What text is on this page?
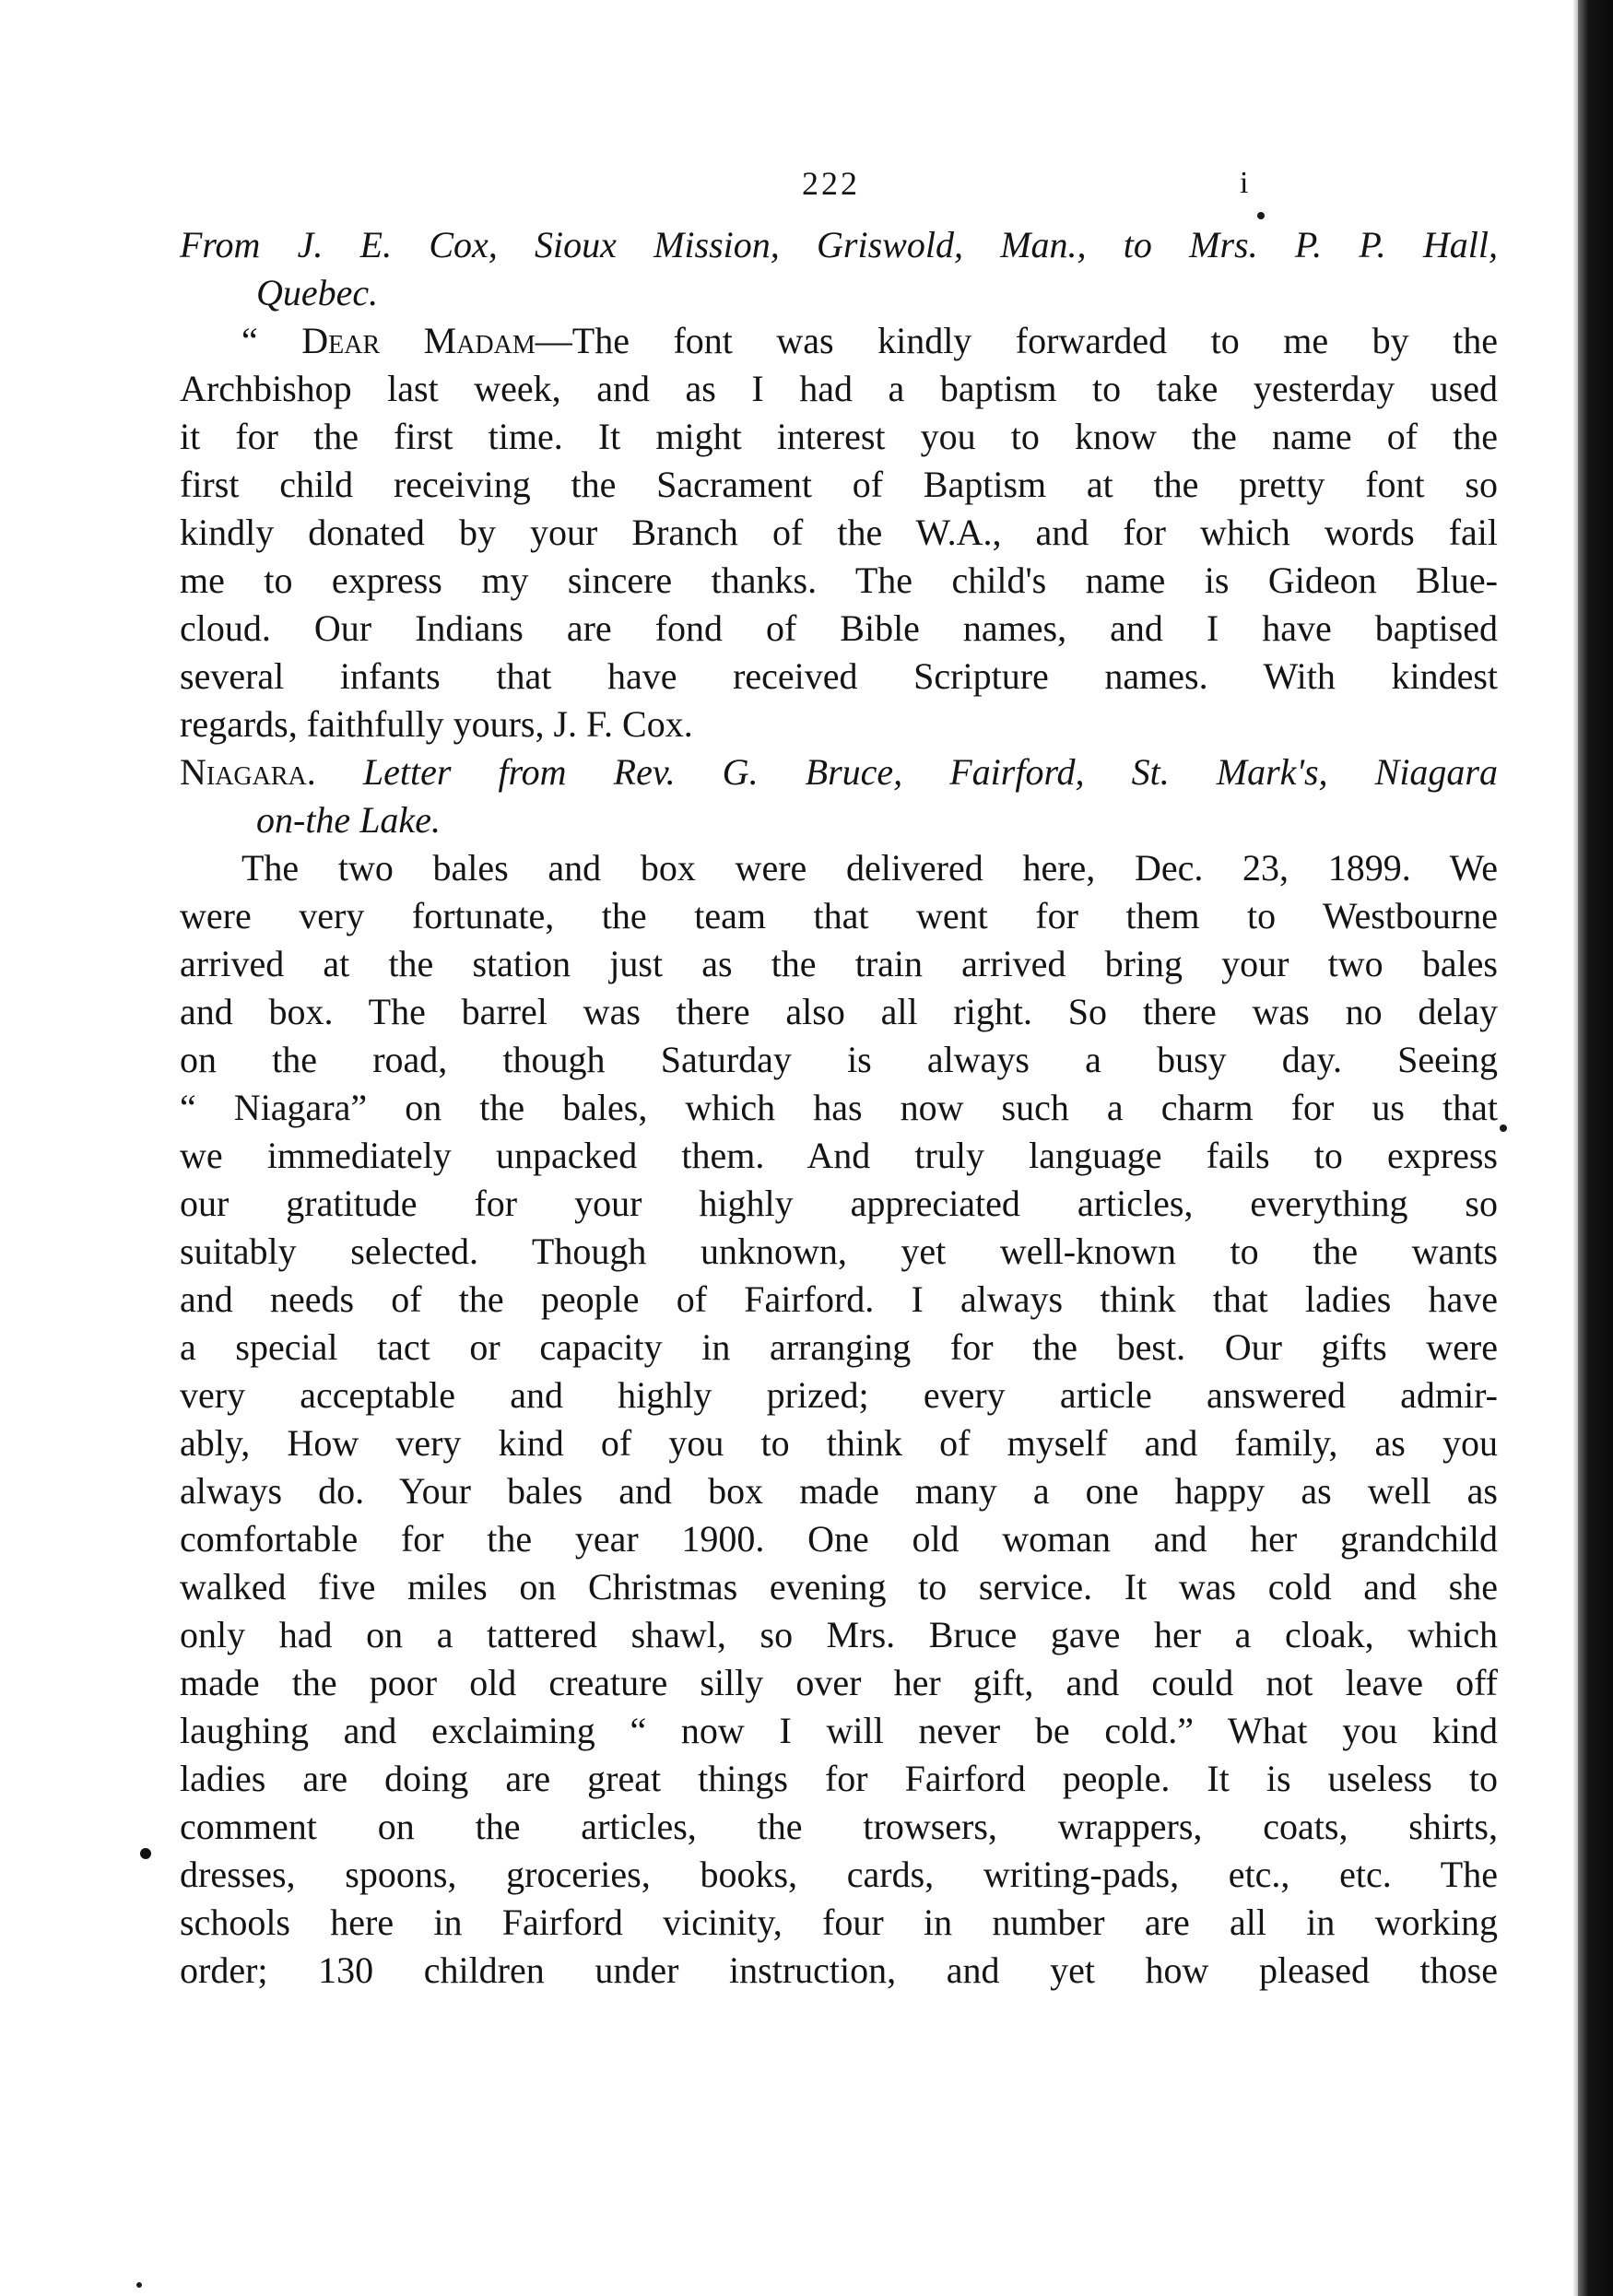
222	i
From J. E. Cox, Sioux Mission, Griswold, Man., to Mrs. P. P. Hall,
Quebec.
“ Dear Madam—The font was kindly forwarded to me by the
Archbishop last week, and as I had a baptism to take yesterday used
it for the first time. It might interest you to know the name of the
first child receiving the Sacrament of Baptism at the pretty font so
kindly donated by your Branch of the W.A., and for which words fail
me to express my sincere thanks. The child's name is Gideon Blue-
cloud. Our Indians are fond of Bible names, and I have baptised
several infants that have received Scripture names. With kindest
regards, faithfully yours, J. F. Cox.
Niagara. Letter from Rev. G. Bruce, Fairford, St. Mark's, Niagara
on-the Lake.
The two bales and box were delivered here, Dec. 23, 1899. We
were very fortunate, the team that went for them to Westbourne
arrived at the station just as the train arrived bring your two bales
and box. The barrel was there also all right. So there was no delay
on the road, though Saturday is always a busy day. Seeing
“ Niagara” on the bales, which has now such a charm for us that
we immediately unpacked them. And truly language fails to express
our gratitude for your highly appreciated articles, everything so
suitably selected. Though unknown, yet well-known to the wants
and needs of the people of Fairford. I always think that ladies have
a special tact or capacity in arranging for the best. Our gifts were
very acceptable and highly prized; every article answered admir-
ably, How very kind of you to think of myself and family, as you
always do. Your bales and box made many a one happy as well as
comfortable for the year 1900. One old woman and her grandchild
walked five miles on Christmas evening to service. It was cold and she
only had on a tattered shawl, so Mrs. Bruce gave her a cloak, which
made the poor old creature silly over her gift, and could not leave off
laughing and exclaiming “ now I will never be cold.” What you kind
ladies are doing are great things for Fairford people. It is useless to
comment on the articles, the trowsers, wrappers, coats, shirts,
dresses, spoons, groceries, books, cards, writing-pads, etc., etc. The
schools here in Fairford vicinity, four in number are all in working
order; 130 children under instruction, and yet how pleased those
